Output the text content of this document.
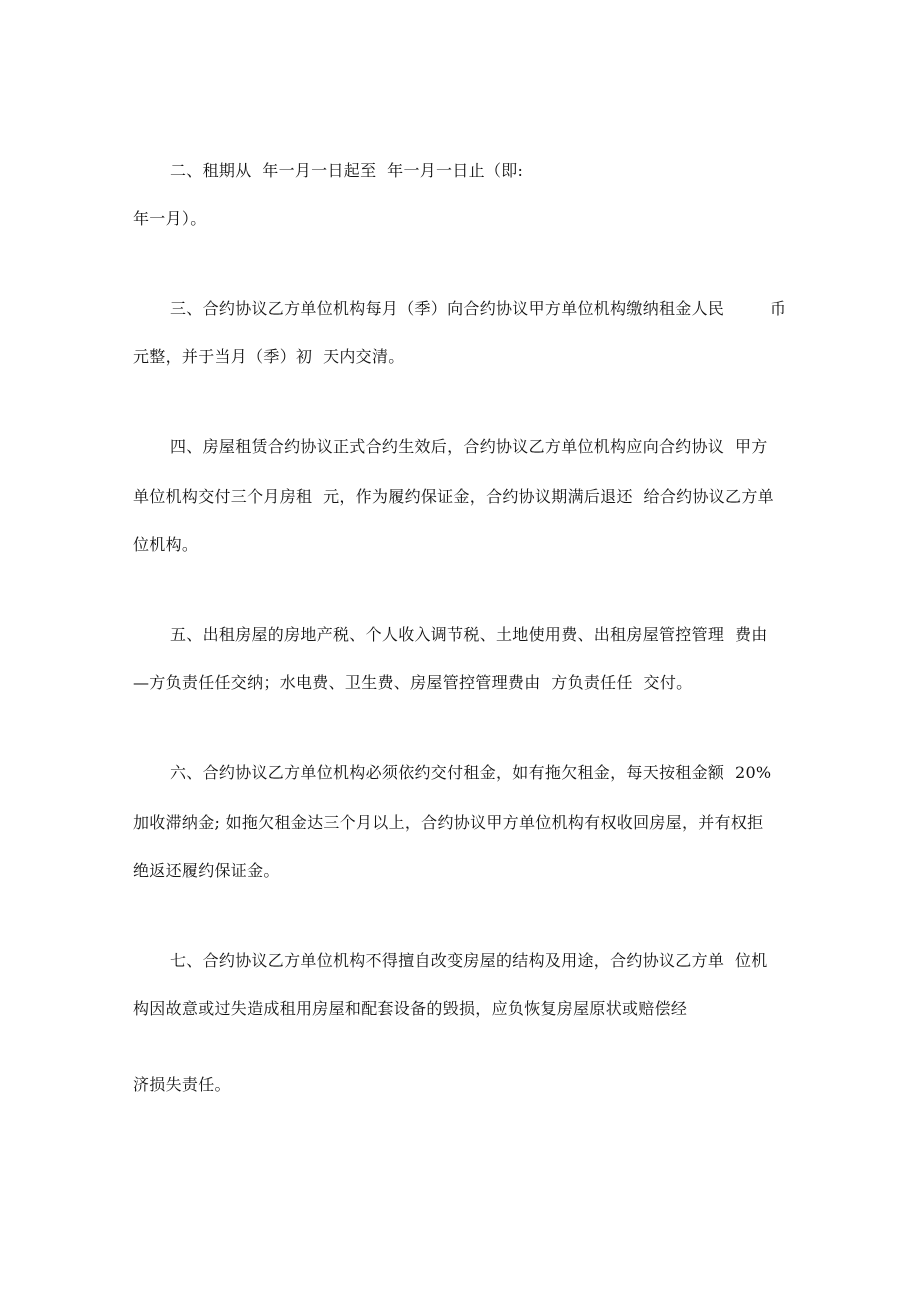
二、租期从  年一月一日起至  年一月一日止（即:
年一月）。
三、合约协议乙方单位机构每月（季）向合约协议甲方单位机构缴纳租金人民	币
元整，并于当月（季）初  天内交清。
四、房屋租赁合约协议正式合约生效后，合约协议乙方单位机构应向合约协议  甲方
单位机构交付三个月房租  元，作为履约保证金，合约协议期满后退还  给合约协议乙方单
位机构。
五、出租房屋的房地产税、个人收入调节税、土地使用费、出租房屋管控管理  费由
—方负责任任交纳；水电费、卫生费、房屋管控管理费由  方负责任任  交付。
六、合约协议乙方单位机构必须依约交付租金，如有拖欠租金，每天按租金额  20%
加收滞纳金; 如拖欠租金达三个月以上，合约协议甲方单位机构有权收回房屋，并有权拒
绝返还履约保证金。
七、合约协议乙方单位机构不得擅自改变房屋的结构及用途，合约协议乙方单  位机
构因故意或过失造成租用房屋和配套设备的毁损，应负恢复房屋原状或赔偿经
济损失责任。
